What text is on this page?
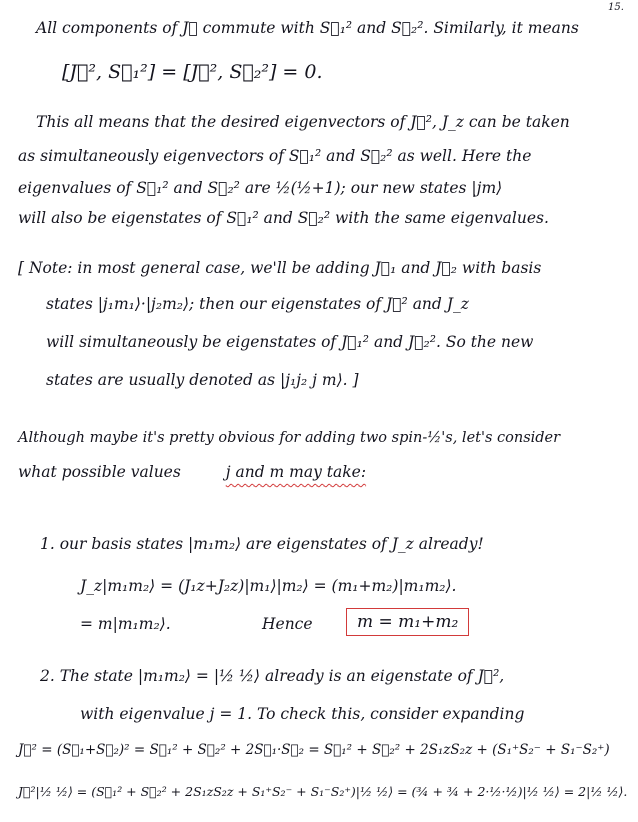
15.
All components of J⃗ commute with S⃗₁² and S⃗₂². Similarly, it means
[J⃗², S⃗₁²] = [J⃗², S⃗₂²] = 0.
This all means that the desired eigenvectors of J⃗², J_z can be taken
as simultaneously eigenvectors of S⃗₁² and S⃗₂² as well. Here the
eigenvalues of S⃗₁² and S⃗₂² are ½(½+1); our new states |jm⟩
will also be eigenstates of S⃗₁² and S⃗₂² with the same eigenvalues.
[ Note: in most general case, we'll be adding J⃗₁ and J⃗₂ with basis
states |j₁m₁⟩·|j₂m₂⟩; then our eigenstates of J⃗² and J_z
will simultaneously be eigenstates of J⃗₁² and J⃗₂². So the new
states are usually denoted as |j₁j₂ j m⟩. ]
Although maybe it's pretty obvious for adding two spin-½'s, let's consider
what possible values	j and m may take:
1. our basis states |m₁m₂⟩ are eigenstates of J_z already!
J_z|m₁m₂⟩ = (J₁z+J₂z)|m₁⟩|m₂⟩ = (m₁+m₂)|m₁m₂⟩.
= m|m₁m₂⟩.	Hence	m = m₁+m₂
2. The state |m₁m₂⟩ = |½ ½⟩ already is an eigenstate of J⃗²,
with eigenvalue j = 1. To check this, consider expanding
J⃗² = (S⃗₁+S⃗₂)² = S⃗₁² + S⃗₂² + 2S⃗₁·S⃗₂ = S⃗₁² + S⃗₂² + 2S₁zS₂z + (S₁⁺S₂⁻ + S₁⁻S₂⁺)
J⃗²|½ ½⟩ = (S⃗₁² + S⃗₂² + 2S₁zS₂z + S₁⁺S₂⁻ + S₁⁻S₂⁺)|½ ½⟩ = (¾ + ¾ + 2·½·½)|½ ½⟩ = 2|½ ½⟩.
